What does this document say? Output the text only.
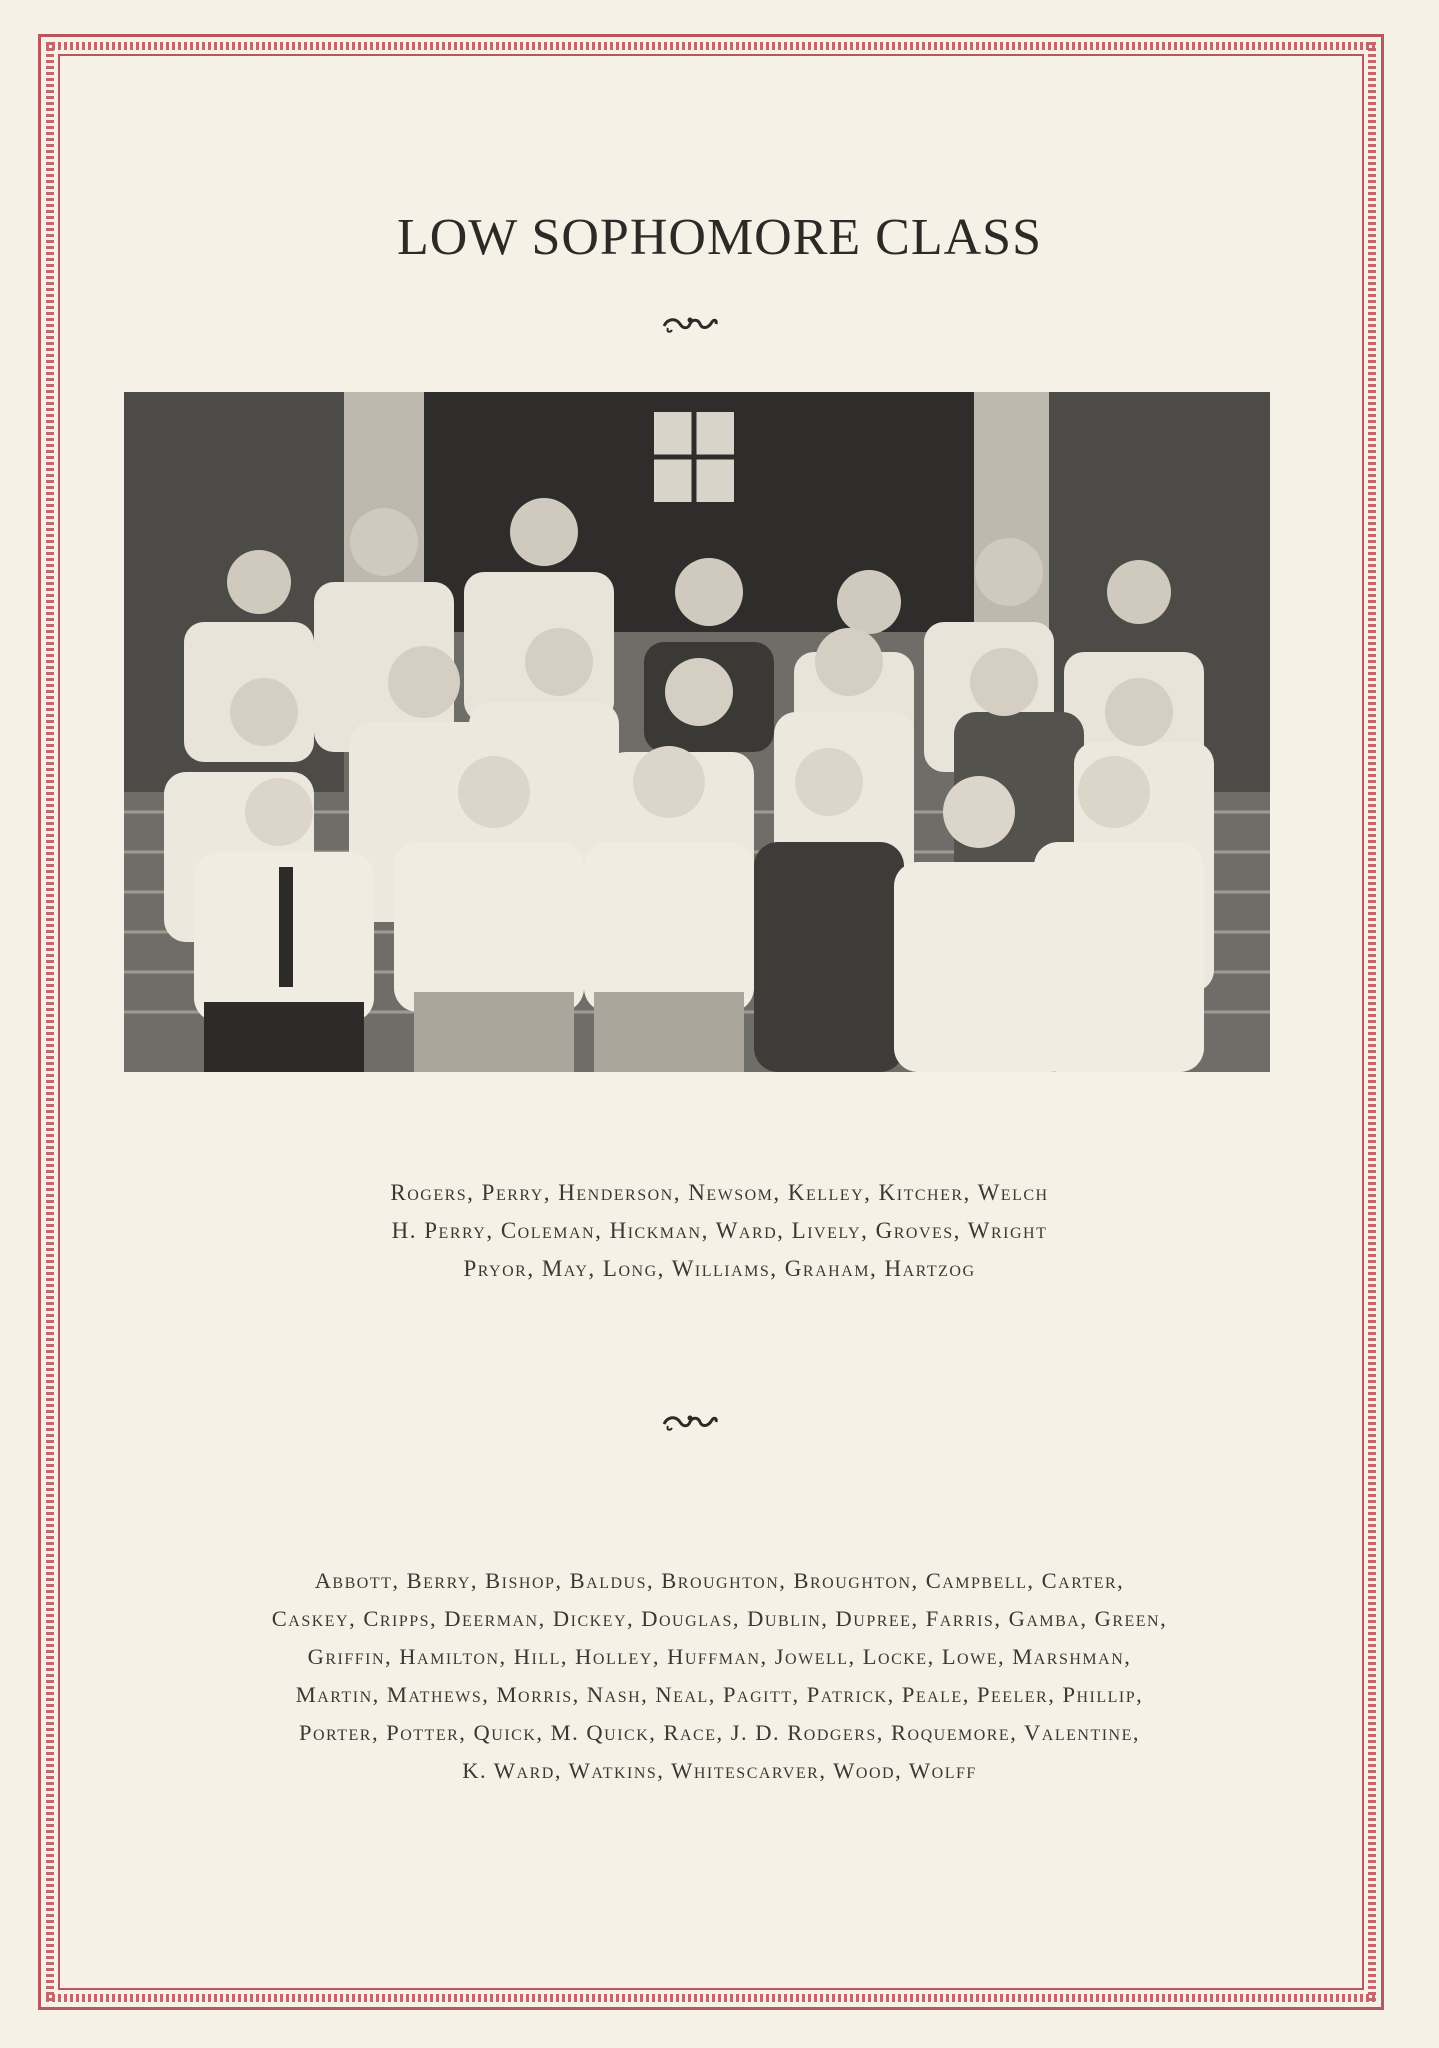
LOW SOPHOMORE CLASS
Rogers, Perry, Henderson, Newsom, Kelley, Kitcher, Welch
H. Perry, Coleman, Hickman, Ward, Lively, Groves, Wright
Pryor, May, Long, Williams, Graham, Hartzog
Abbott, Berry, Bishop, Baldus, Broughton, Broughton, Campbell, Carter,
Caskey, Cripps, Deerman, Dickey, Douglas, Dublin, Dupree, Farris, Gamba, Green,
Griffin, Hamilton, Hill, Holley, Huffman, Jowell, Locke, Lowe, Marshman,
Martin, Mathews, Morris, Nash, Neal, Pagitt, Patrick, Peale, Peeler, Phillip,
Porter, Potter, Quick, M. Quick, Race, J. D. Rodgers, Roquemore, Valentine,
K. Ward, Watkins, Whitescarver, Wood, Wolff
